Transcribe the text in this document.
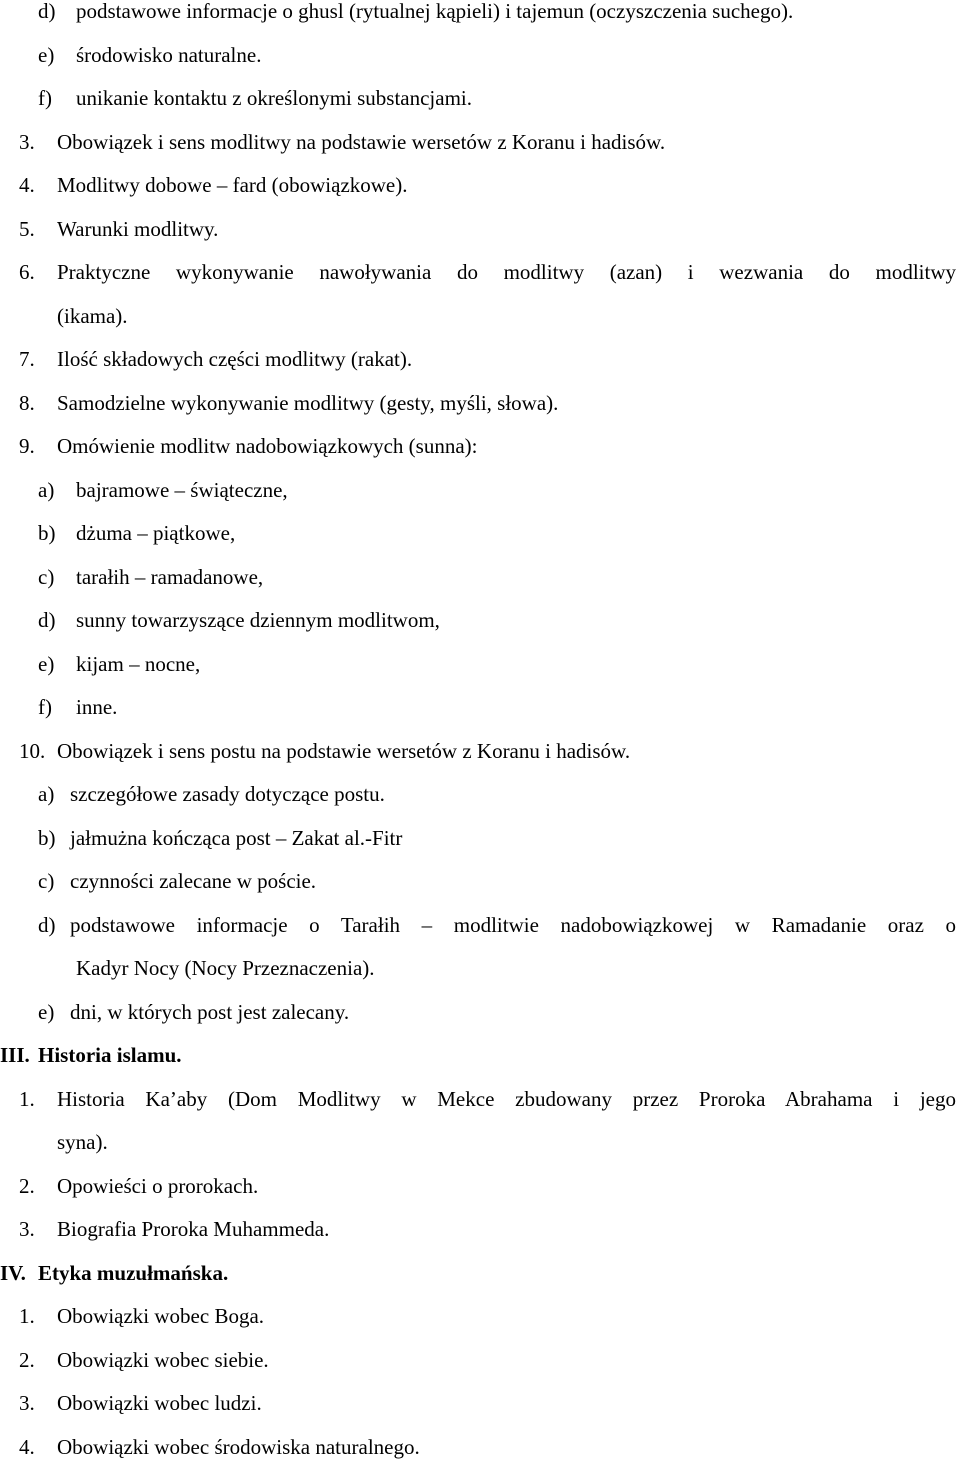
d) podstawowe informacje o ghusl (rytualnej kąpieli) i tajemun (oczyszczenia suchego).
e) środowisko naturalne.
f) unikanie kontaktu z określonymi substancjami.
3. Obowiązek i sens modlitwy na podstawie wersetów z Koranu i hadisów.
4. Modlitwy dobowe – fard (obowiązkowe).
5. Warunki modlitwy.
6.	Praktyczne wykonywanie nawoływania do modlitwy (azan) i wezwania do modlitwy
(ikama).
7. Ilość składowych części modlitwy (rakat).
8. Samodzielne wykonywanie modlitwy (gesty, myśli, słowa).
9. Omówienie modlitw nadobowiązkowych (sunna):
a) bajramowe – świąteczne,
b) dżuma – piątkowe,
c) tarałih – ramadanowe,
d) sunny towarzyszące dziennym modlitwom,
e) kijam – nocne,
f) inne.
10. Obowiązek i sens postu na podstawie wersetów z Koranu i hadisów.
a) szczegółowe zasady dotyczące postu.
b) jałmużna kończąca post – Zakat al.-Fitr
c) czynności zalecane w poście.
d) podstawowe informacje o Tarałih – modlitwie nadobowiązkowej w Ramadanie oraz o
Kadyr Nocy (Nocy Przeznaczenia).
e) dni, w których post jest zalecany.
III. Historia islamu.
1.	Historia Ka’aby (Dom Modlitwy w Mekce zbudowany przez Proroka Abrahama i jego
syna).
2. Opowieści o prorokach.
3. Biografia Proroka Muhammeda.
IV. Etyka muzułmańska.
1. Obowiązki wobec Boga.
2. Obowiązki wobec siebie.
3. Obowiązki wobec ludzi.
4. Obowiązki wobec środowiska naturalnego.
